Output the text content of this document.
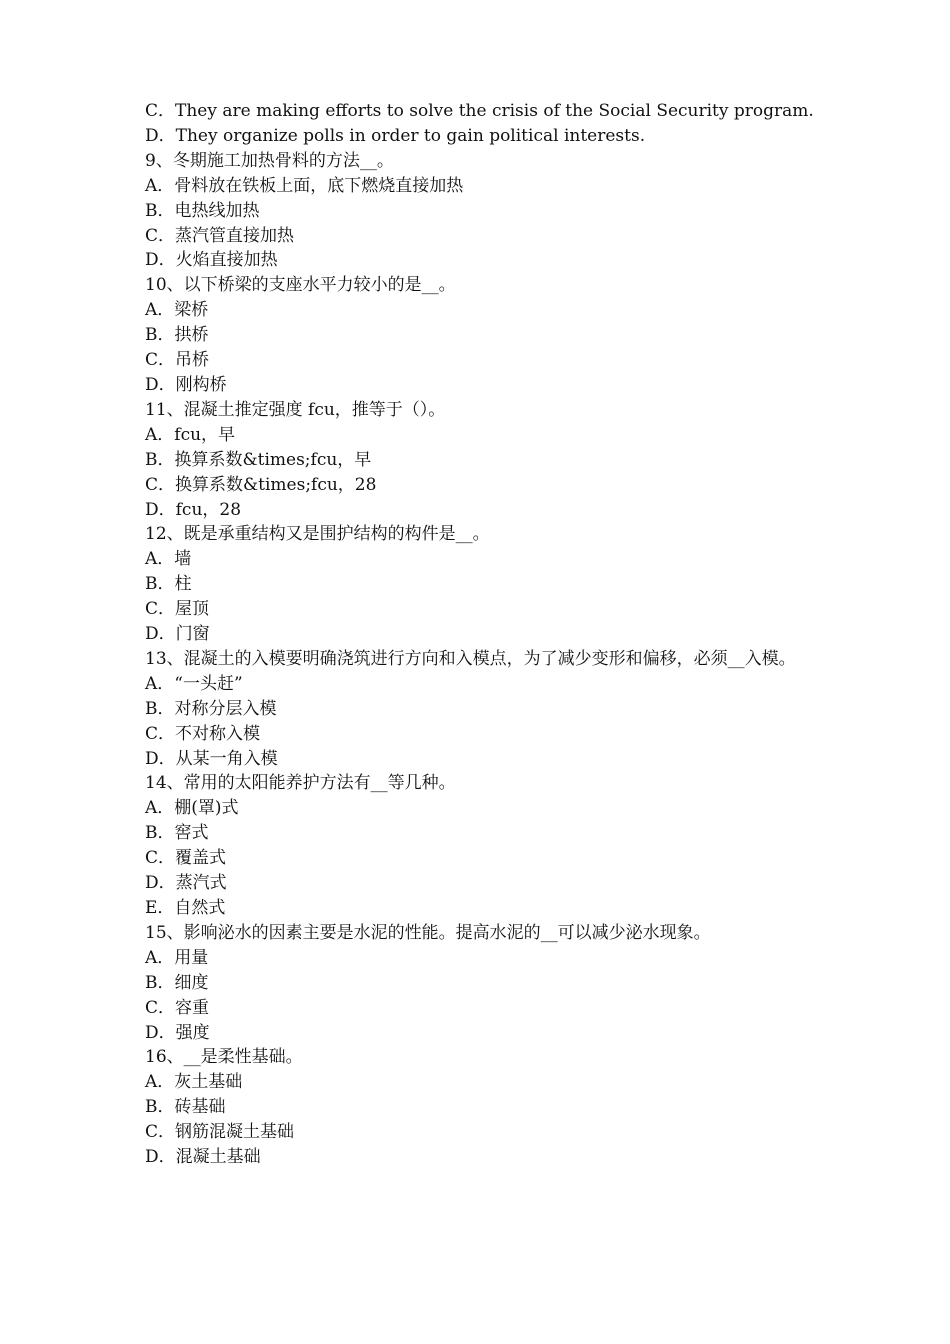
C．They are making efforts to solve the crisis of the Social Security program.

D．They organize polls in order to gain political interests.

9、冬期施工加热骨料的方法__。

A．骨料放在铁板上面，底下燃烧直接加热

B．电热线加热

C．蒸汽管直接加热

D．火焰直接加热

10、以下桥梁的支座水平力较小的是__。

A．梁桥

B．拱桥

C．吊桥

D．刚构桥

11、混凝土推定强度 fcu，推等于（）。

A．fcu，早

B．换算系数&times;fcu，早

C．换算系数&times;fcu，28

D．fcu，28

12、既是承重结构又是围护结构的构件是__。

A．墙

B．柱

C．屋顶

D．门窗

13、混凝土的入模要明确浇筑进行方向和入模点，为了减少变形和偏移，必须__入模。

A．“一头赶”

B．对称分层入模

C．不对称入模

D．从某一角入模

14、常用的太阳能养护方法有__等几种。

A．棚(罩)式

B．窖式

C．覆盖式

D．蒸汽式

E．自然式

15、影响泌水的因素主要是水泥的性能。提高水泥的__可以减少泌水现象。

A．用量

B．细度

C．容重

D．强度

16、__是柔性基础。

A．灰土基础

B．砖基础

C．钢筋混凝土基础

D．混凝土基础
